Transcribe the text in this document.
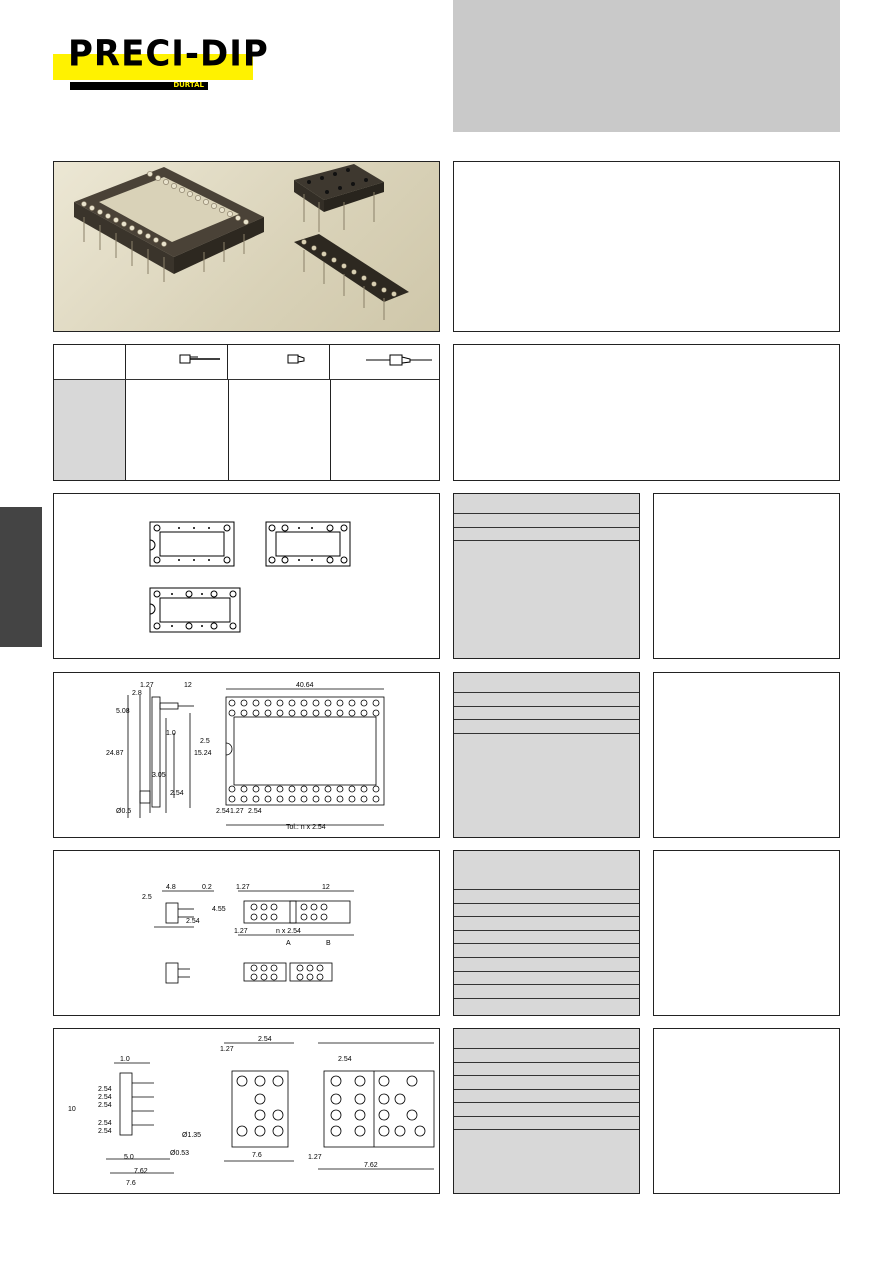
PRECI-DIP
DURTAL
1.27
2.8
12
5.08
40.64
24.87
2.5
15.24
3.05
1.0
2.54
Ø0.5	2.54 1.27 2.54
Tol.: n x 2.54
4.8	0.2
2.5
2.54
4.55
1.27
n x 2.54
12
1.27
A	B
1.0
2.54
2.54
2.54
2.54
10
1.27
2.54
7.6	1.27
2.54
7.62
Ø1.35
Ø0.53
2.54
5.0
7.62
7.6
